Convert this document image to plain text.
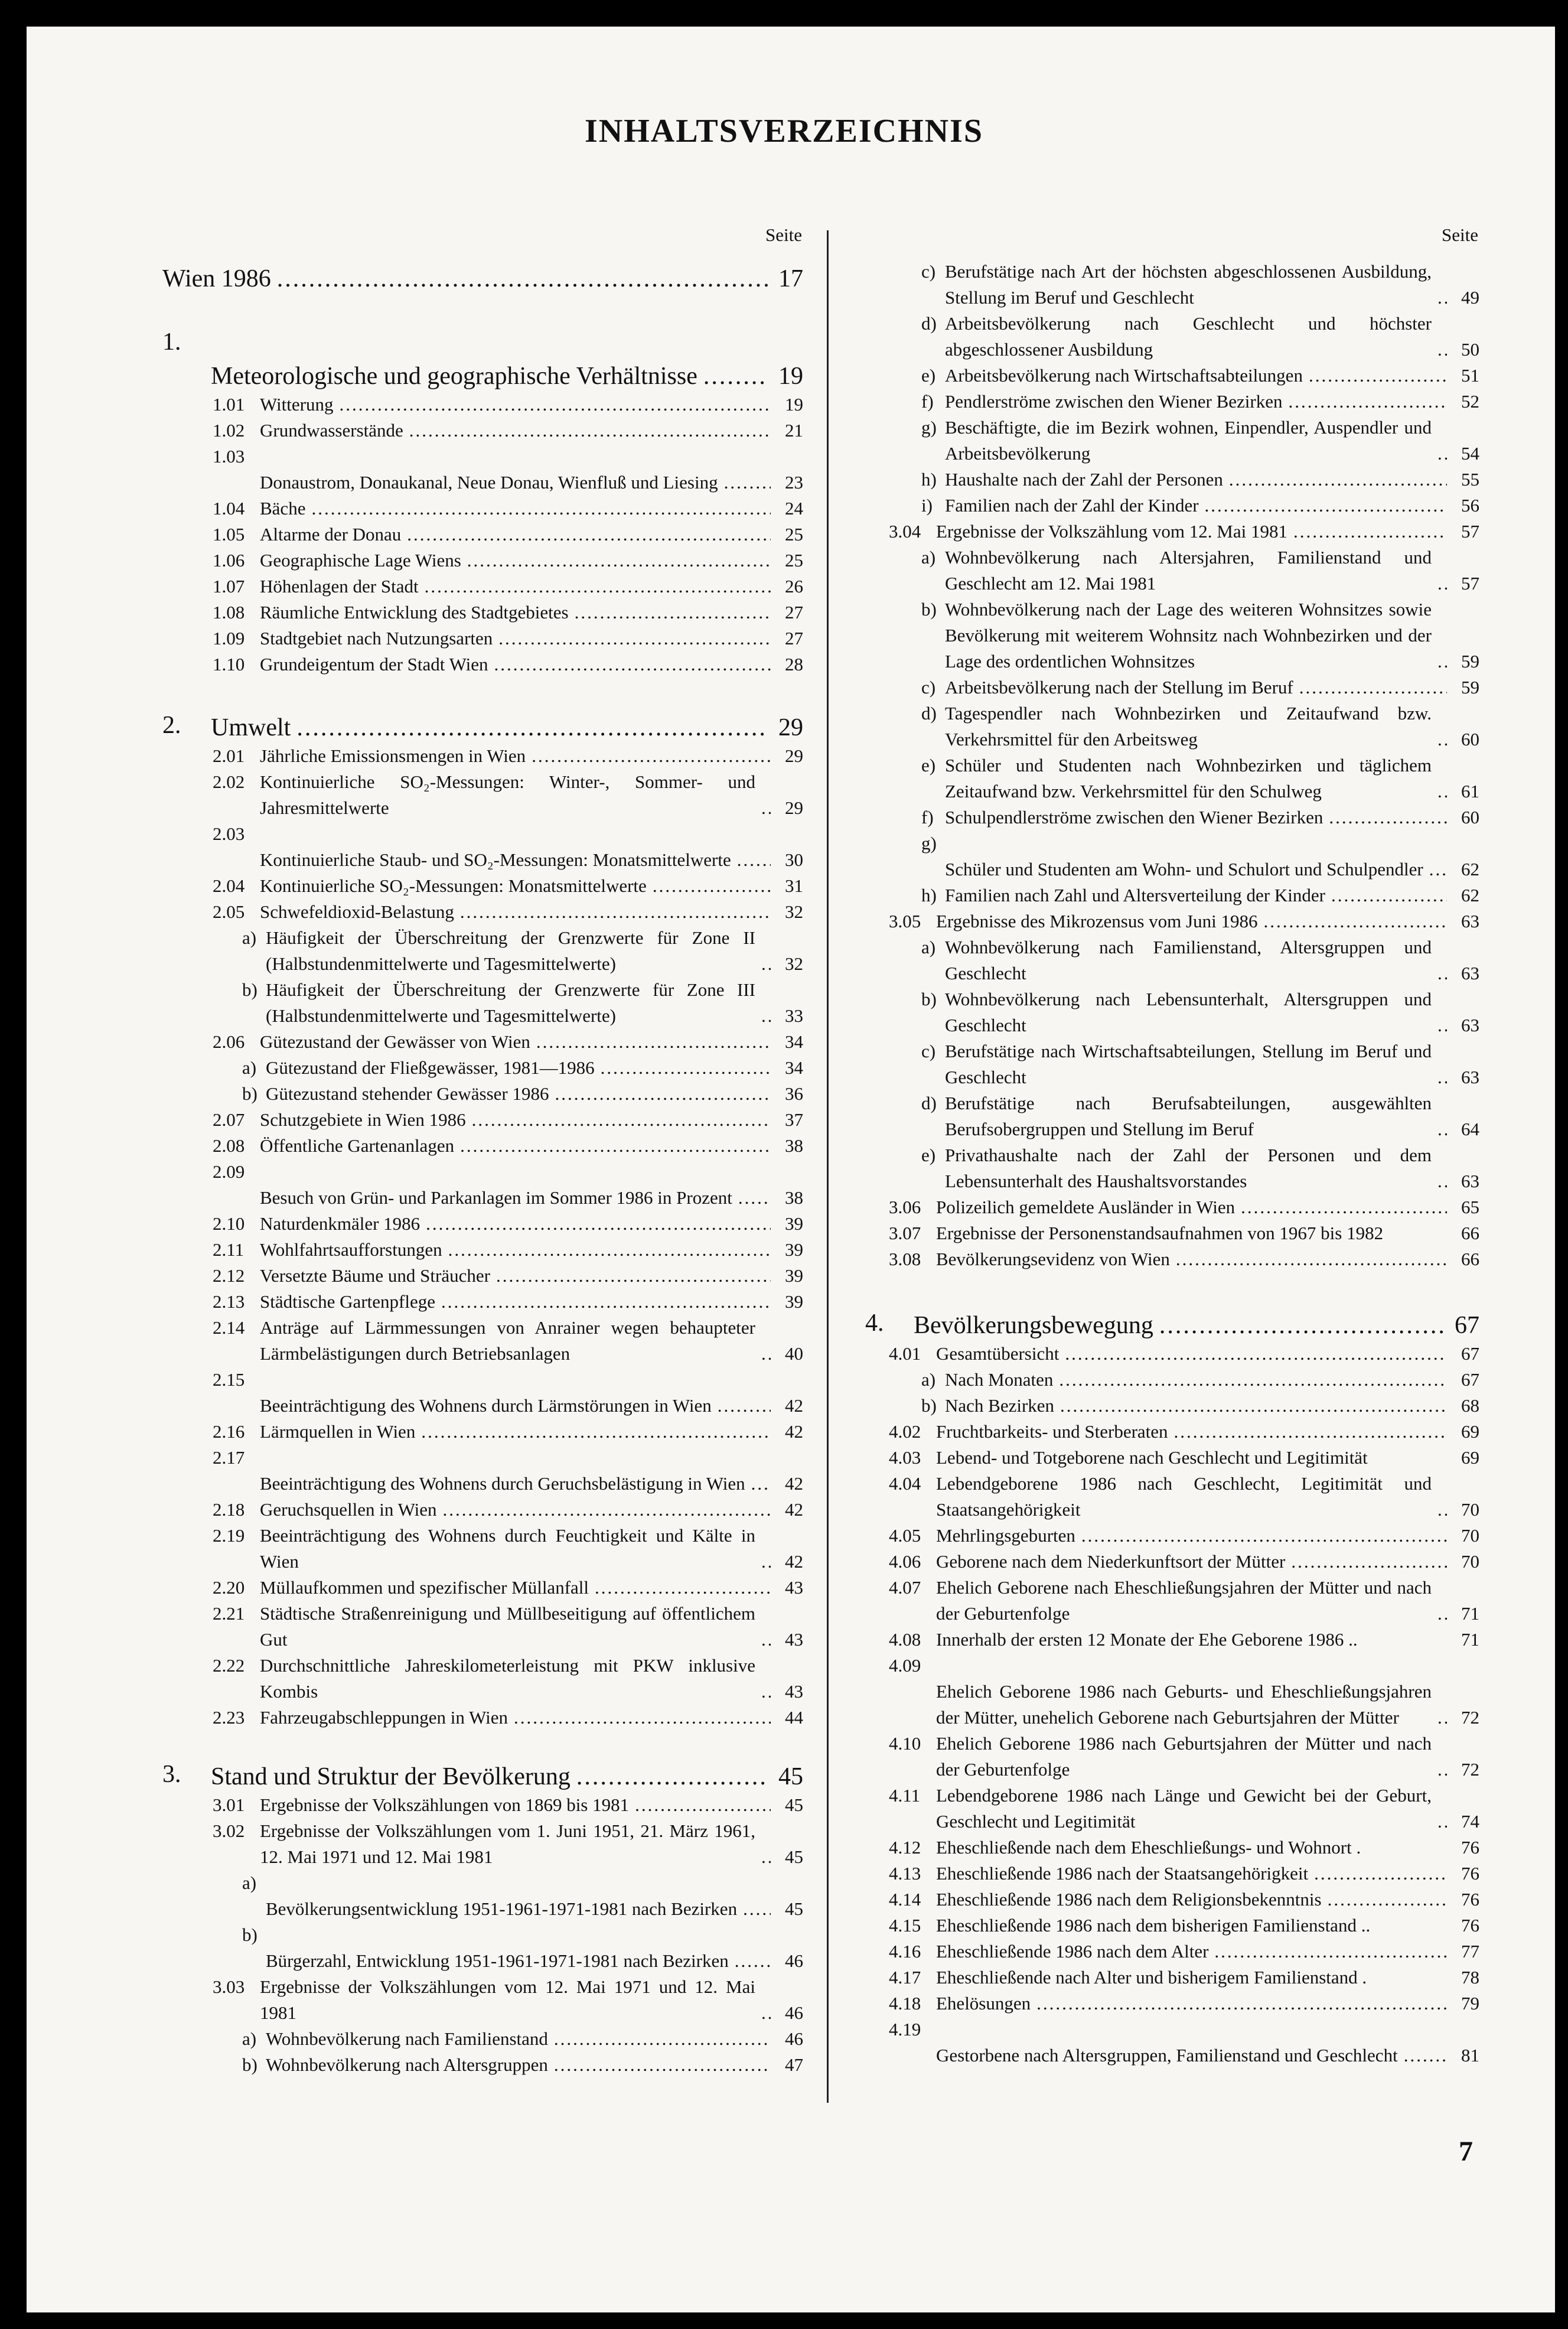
INHALTSVERZEICHNIS
Seite
Wien 1986 .....	17
1.
Meteorologische und geographische Verhältnisse .....	19
1.01 Witterung .....	19
1.02 Grundwasserstände .....	21
1.03
Donaustrom, Donaukanal, Neue Donau, Wienfluß und Liesing .....	23
1.04 Bäche .....	24
1.05 Altarme der Donau .....	25
1.06 Geographische Lage Wiens .....	25
1.07 Höhenlagen der Stadt .....	26
1.08 Räumliche Entwicklung des Stadtgebietes .....	27
1.09 Stadtgebiet nach Nutzungsarten .....	27
1.10 Grundeigentum der Stadt Wien .....	28
2.	Umwelt .....	29
2.01 Jährliche Emissionsmengen in Wien .....	29
2.02 Kontinuierliche SO₂-Messungen: Winter-, Sommer- und Jahresmittelwerte .....	29
2.03
Kontinuierliche Staub- und SO₂-Messungen: Monatsmittelwerte .....	30
2.04 Kontinuierliche SO₂-Messungen: Monatsmittelwerte .....	31
2.05 Schwefeldioxid-Belastung .....	32
a) Häufigkeit der Überschreitung der Grenzwerte für Zone II (Halbstundenmittelwerte und Tagesmittelwerte) .....	32
b) Häufigkeit der Überschreitung der Grenzwerte für Zone III (Halbstundenmittelwerte und Tagesmittelwerte) .....	33
2.06 Gütezustand der Gewässer von Wien .....	34
a) Gütezustand der Fließgewässer, 1981—1986 .....	34
b) Gütezustand stehender Gewässer 1986 .....	36
2.07 Schutzgebiete in Wien 1986 .....	37
2.08 Öffentliche Gartenanlagen .....	38
2.09
Besuch von Grün- und Parkanlagen im Sommer 1986 in Prozent .....	38
2.10 Naturdenkmäler 1986 .....	39
2.11 Wohlfahrtsaufforstungen .....	39
2.12 Versetzte Bäume und Sträucher .....	39
2.13 Städtische Gartenpflege .....	39
2.14 Anträge auf Lärmmessungen von Anrainer wegen behaupteter Lärmbelästigungen durch Betriebsanlagen .....	40
2.15
Beeinträchtigung des Wohnens durch Lärmstörungen in Wien .....	42
2.16 Lärmquellen in Wien .....	42
2.17
Beeinträchtigung des Wohnens durch Geruchsbelästigung in Wien .....	42
2.18 Geruchsquellen in Wien .....	42
2.19 Beeinträchtigung des Wohnens durch Feuchtigkeit und Kälte in Wien .....	42
2.20 Müllaufkommen und spezifischer Müllanfall .....	43
2.21 Städtische Straßenreinigung und Müllbeseitigung auf öffentlichem Gut .....	43
2.22 Durchschnittliche Jahreskilometerleistung mit PKW inklusive Kombis .....	43
2.23 Fahrzeugabschleppungen in Wien .....	44
3.	Stand und Struktur der Bevölkerung .....	45
3.01 Ergebnisse der Volkszählungen von 1869 bis 1981 .....	45
3.02 Ergebnisse der Volkszählungen vom 1. Juni 1951, 21. März 1961, 12. Mai 1971 und 12. Mai 1981 .....	45
a)
Bevölkerungsentwicklung 1951-1961-1971-1981 nach Bezirken .....	45
b)
Bürgerzahl, Entwicklung 1951-1961-1971-1981 nach Bezirken .....	46
3.03 Ergebnisse der Volkszählungen vom 12. Mai 1971 und 12. Mai 1981 .....	46
a) Wohnbevölkerung nach Familienstand .....	46
b) Wohnbevölkerung nach Altersgruppen .....	47
Seite
c) Berufstätige nach Art der höchsten abgeschlossenen Ausbildung, Stellung im Beruf und Geschlecht .....	49
d) Arbeitsbevölkerung nach Geschlecht und höchster abgeschlossener Ausbildung .....	50
e) Arbeitsbevölkerung nach Wirtschaftsabteilungen .....	51
f) Pendlerströme zwischen den Wiener Bezirken .....	52
g) Beschäftigte, die im Bezirk wohnen, Einpendler, Auspendler und Arbeitsbevölkerung .....	54
h) Haushalte nach der Zahl der Personen .....	55
i) Familien nach der Zahl der Kinder .....	56
3.04 Ergebnisse der Volkszählung vom 12. Mai 1981 .....	57
a) Wohnbevölkerung nach Altersjahren, Familienstand und Geschlecht am 12. Mai 1981 .....	57
b) Wohnbevölkerung nach der Lage des weiteren Wohnsitzes sowie Bevölkerung mit weiterem Wohnsitz nach Wohnbezirken und der Lage des ordentlichen Wohnsitzes .....	59
c) Arbeitsbevölkerung nach der Stellung im Beruf .....	59
d) Tagespendler nach Wohnbezirken und Zeitaufwand bzw. Verkehrsmittel für den Arbeitsweg .....	60
e) Schüler und Studenten nach Wohnbezirken und täglichem Zeitaufwand bzw. Verkehrsmittel für den Schulweg .....	61
f) Schulpendlerströme zwischen den Wiener Bezirken .....	60
g)
Schüler und Studenten am Wohn- und Schulort und Schulpendler .....	62
h) Familien nach Zahl und Altersverteilung der Kinder .....	62
3.05 Ergebnisse des Mikrozensus vom Juni 1986 .....	63
a) Wohnbevölkerung nach Familienstand, Altersgruppen und Geschlecht .....	63
b) Wohnbevölkerung nach Lebensunterhalt, Altersgruppen und Geschlecht .....	63
c) Berufstätige nach Wirtschaftsabteilungen, Stellung im Beruf und Geschlecht .....	63
d) Berufstätige nach Berufsabteilungen, ausgewählten Berufsobergruppen und Stellung im Beruf .....	64
e) Privathaushalte nach der Zahl der Personen und dem Lebensunterhalt des Haushaltsvorstandes .....	63
3.06 Polizeilich gemeldete Ausländer in Wien .....	65
3.07 Ergebnisse der Personenstandsaufnahmen von 1967 bis 1982	66
3.08 Bevölkerungsevidenz von Wien .....	66
4.	Bevölkerungsbewegung .....	67
4.01 Gesamtübersicht .....	67
a) Nach Monaten .....	67
b) Nach Bezirken .....	68
4.02 Fruchtbarkeits- und Sterberaten .....	69
4.03 Lebend- und Totgeborene nach Geschlecht und Legitimität	69
4.04 Lebendgeborene 1986 nach Geschlecht, Legitimität und Staatsangehörigkeit .....	70
4.05 Mehrlingsgeburten .....	70
4.06 Geborene nach dem Niederkunftsort der Mütter .....	70
4.07 Ehelich Geborene nach Eheschließungsjahren der Mütter und nach der Geburtenfolge .....	71
4.08 Innerhalb der ersten 12 Monate der Ehe Geborene 1986 ..	71
4.09
Ehelich Geborene 1986 nach Geburts- und Eheschließungsjahren der Mütter, unehelich Geborene nach Geburtsjahren der Mütter .....	72
4.10 Ehelich Geborene 1986 nach Geburtsjahren der Mütter und nach der Geburtenfolge .....	72
4.11 Lebendgeborene 1986 nach Länge und Gewicht bei der Geburt, Geschlecht und Legitimität .....	74
4.12 Eheschließende nach dem Eheschließungs- und Wohnort .	76
4.13 Eheschließende 1986 nach der Staatsangehörigkeit .....	76
4.14 Eheschließende 1986 nach dem Religionsbekenntnis .....	76
4.15 Eheschließende 1986 nach dem bisherigen Familienstand ..	76
4.16 Eheschließende 1986 nach dem Alter .....	77
4.17 Eheschließende nach Alter und bisherigem Familienstand .	78
4.18 Ehelösungen .....	79
4.19
Gestorbene nach Altersgruppen, Familienstand und Geschlecht .....	81
7
